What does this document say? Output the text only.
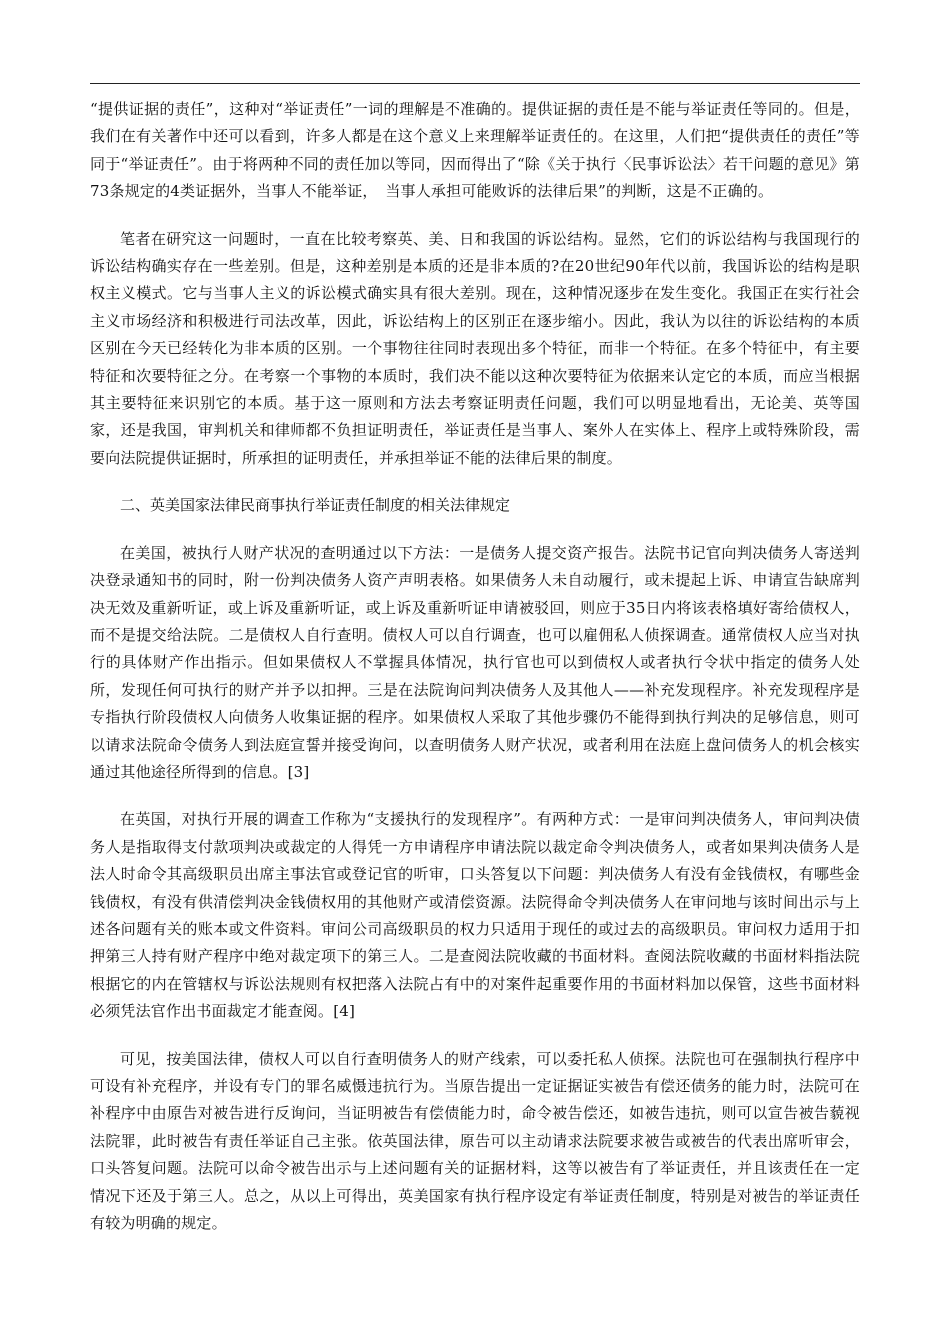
“提供证据的责任”，这种对“举证责任”一词的理解是不准确的。提供证据的责任是不能与举证责任等同的。但是，我们在有关著作中还可以看到，许多人都是在这个意义上来理解举证责任的。在这里，人们把“提供责任的责任”等同于“举证责任”。由于将两种不同的责任加以等同，因而得出了“除《关于执行〈民事诉讼法〉若干问题的意见》第73条规定的4类证据外，当事人不能举证，　当事人承担可能败诉的法律后果”的判断，这是不正确的。

笔者在研究这一问题时，一直在比较考察英、美、日和我国的诉讼结构。显然，它们的诉讼结构与我国现行的诉讼结构确实存在一些差别。但是，这种差别是本质的还是非本质的?在20世纪90年代以前，我国诉讼的结构是职权主义模式。它与当事人主义的诉讼模式确实具有很大差别。现在，这种情况逐步在发生变化。我国正在实行社会主义市场经济和积极进行司法改革，因此，诉讼结构上的区别正在逐步缩小。因此，我认为以往的诉讼结构的本质区别在今天已经转化为非本质的区别。一个事物往往同时表现出多个特征，而非一个特征。在多个特征中，有主要特征和次要特征之分。在考察一个事物的本质时，我们决不能以这种次要特征为依据来认定它的本质，而应当根据其主要特征来识别它的本质。基于这一原则和方法去考察证明责任问题，我们可以明显地看出，无论美、英等国家，还是我国，审判机关和律师都不负担证明责任，举证责任是当事人、案外人在实体上、程序上或特殊阶段，需要向法院提供证据时，所承担的证明责任，并承担举证不能的法律后果的制度。

二、英美国家法律民商事执行举证责任制度的相关法律规定

在美国，被执行人财产状况的查明通过以下方法：一是债务人提交资产报告。法院书记官向判决债务人寄送判决登录通知书的同时，附一份判决债务人资产声明表格。如果债务人未自动履行，或未提起上诉、申请宣告缺席判决无效及重新听证，或上诉及重新听证，或上诉及重新听证申请被驳回，则应于35日内将该表格填好寄给债权人，而不是提交给法院。二是债权人自行查明。债权人可以自行调查，也可以雇佣私人侦探调查。通常债权人应当对执行的具体财产作出指示。但如果债权人不掌握具体情况，执行官也可以到债权人或者执行令状中指定的债务人处所，发现任何可执行的财产并予以扣押。三是在法院询问判决债务人及其他人——补充发现程序。补充发现程序是专指执行阶段债权人向债务人收集证据的程序。如果债权人采取了其他步骤仍不能得到执行判决的足够信息，则可以请求法院命令债务人到法庭宣誓并接受询问，以查明债务人财产状况，或者利用在法庭上盘问债务人的机会核实通过其他途径所得到的信息。[3]

在英国，对执行开展的调查工作称为“支援执行的发现程序”。有两种方式：一是审问判决债务人，审问判决债务人是指取得支付款项判决或裁定的人得凭一方申请程序申请法院以裁定命令判决债务人，或者如果判决债务人是法人时命令其高级职员出席主事法官或登记官的听审，口头答复以下问题：判决债务人有没有金钱债权，有哪些金钱债权，有没有供清偿判决金钱债权用的其他财产或清偿资源。法院得命令判决债务人在审问地与该时间出示与上述各问题有关的账本或文件资料。审问公司高级职员的权力只适用于现任的或过去的高级职员。审问权力适用于扣押第三人持有财产程序中绝对裁定项下的第三人。二是查阅法院收藏的书面材料。查阅法院收藏的书面材料指法院根据它的内在管辖权与诉讼法规则有权把落入法院占有中的对案件起重要作用的书面材料加以保管，这些书面材料必须凭法官作出书面裁定才能查阅。[4]

可见，按美国法律，债权人可以自行查明债务人的财产线索，可以委托私人侦探。法院也可在强制执行程序中可设有补充程序，并设有专门的罪名威慑违抗行为。当原告提出一定证据证实被告有偿还债务的能力时，法院可在补程序中由原告对被告进行反询问，当证明被告有偿债能力时，命令被告偿还，如被告违抗，则可以宣告被告藐视法院罪，此时被告有责任举证自己主张。依英国法律，原告可以主动请求法院要求被告或被告的代表出席听审会，口头答复问题。法院可以命令被告出示与上述问题有关的证据材料，这等以被告有了举证责任，并且该责任在一定情况下还及于第三人。总之，从以上可得出，英美国家有执行程序设定有举证责任制度，特别是对被告的举证责任有较为明确的规定。
